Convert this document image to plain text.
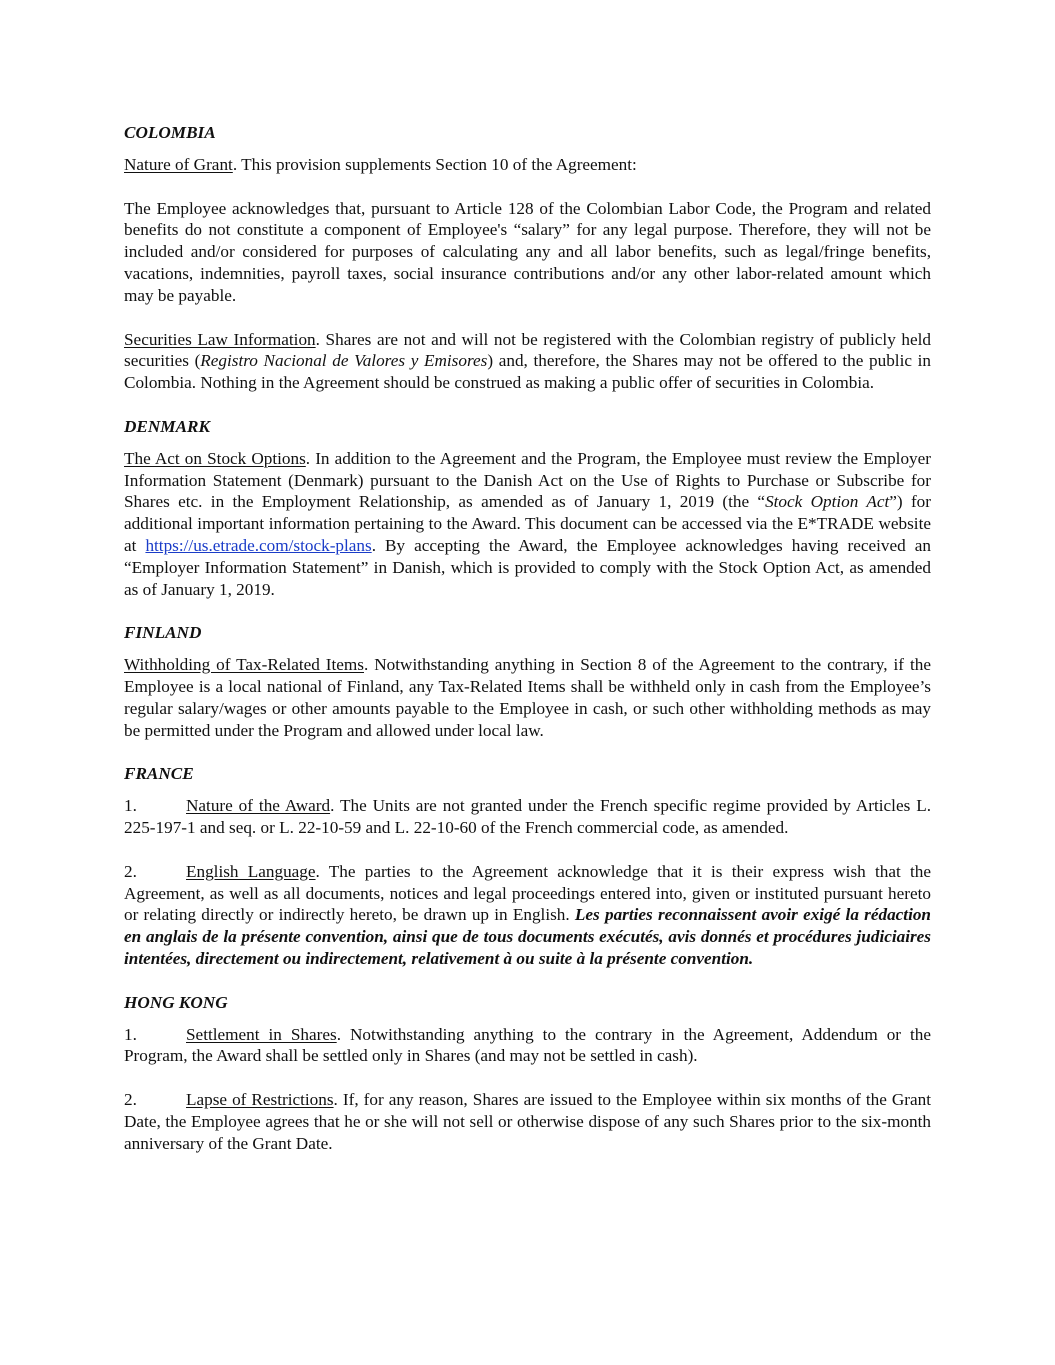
COLOMBIA

Nature of Grant. This provision supplements Section 10 of the Agreement:

The Employee acknowledges that, pursuant to Article 128 of the Colombian Labor Code, the Program and related benefits do not constitute a component of Employee's “salary” for any legal purpose. Therefore, they will not be included and/or considered for purposes of calculating any and all labor benefits, such as legal/fringe benefits, vacations, indemnities, payroll taxes, social insurance contributions and/or any other labor-related amount which may be payable.

Securities Law Information. Shares are not and will not be registered with the Colombian registry of publicly held securities (Registro Nacional de Valores y Emisores) and, therefore, the Shares may not be offered to the public in Colombia. Nothing in the Agreement should be construed as making a public offer of securities in Colombia.

DENMARK

The Act on Stock Options. In addition to the Agreement and the Program, the Employee must review the Employer Information Statement (Denmark) pursuant to the Danish Act on the Use of Rights to Purchase or Subscribe for Shares etc. in the Employment Relationship, as amended as of January 1, 2019 (the “Stock Option Act”) for additional important information pertaining to the Award. This document can be accessed via the E*TRADE website at https://us.etrade.com/stock-plans. By accepting the Award, the Employee acknowledges having received an “Employer Information Statement” in Danish, which is provided to comply with the Stock Option Act, as amended as of January 1, 2019.

FINLAND

Withholding of Tax-Related Items. Notwithstanding anything in Section 8 of the Agreement to the contrary, if the Employee is a local national of Finland, any Tax-Related Items shall be withheld only in cash from the Employee’s regular salary/wages or other amounts payable to the Employee in cash, or such other withholding methods as may be permitted under the Program and allowed under local law.

FRANCE

1.	Nature of the Award. The Units are not granted under the French specific regime provided by Articles L. 225-197-1 and seq. or L. 22-10-59 and L. 22-10-60 of the French commercial code, as amended.

2.	English Language. The parties to the Agreement acknowledge that it is their express wish that the Agreement, as well as all documents, notices and legal proceedings entered into, given or instituted pursuant hereto or relating directly or indirectly hereto, be drawn up in English. Les parties reconnaissent avoir exigé la rédaction en anglais de la présente convention, ainsi que de tous documents exécutés, avis donnés et procédures judiciaires intentées, directement ou indirectement, relativement à ou suite à la présente convention.

HONG KONG

1.	Settlement in Shares. Notwithstanding anything to the contrary in the Agreement, Addendum or the Program, the Award shall be settled only in Shares (and may not be settled in cash).

2.	Lapse of Restrictions. If, for any reason, Shares are issued to the Employee within six months of the Grant Date, the Employee agrees that he or she will not sell or otherwise dispose of any such Shares prior to the six-month anniversary of the Grant Date.
